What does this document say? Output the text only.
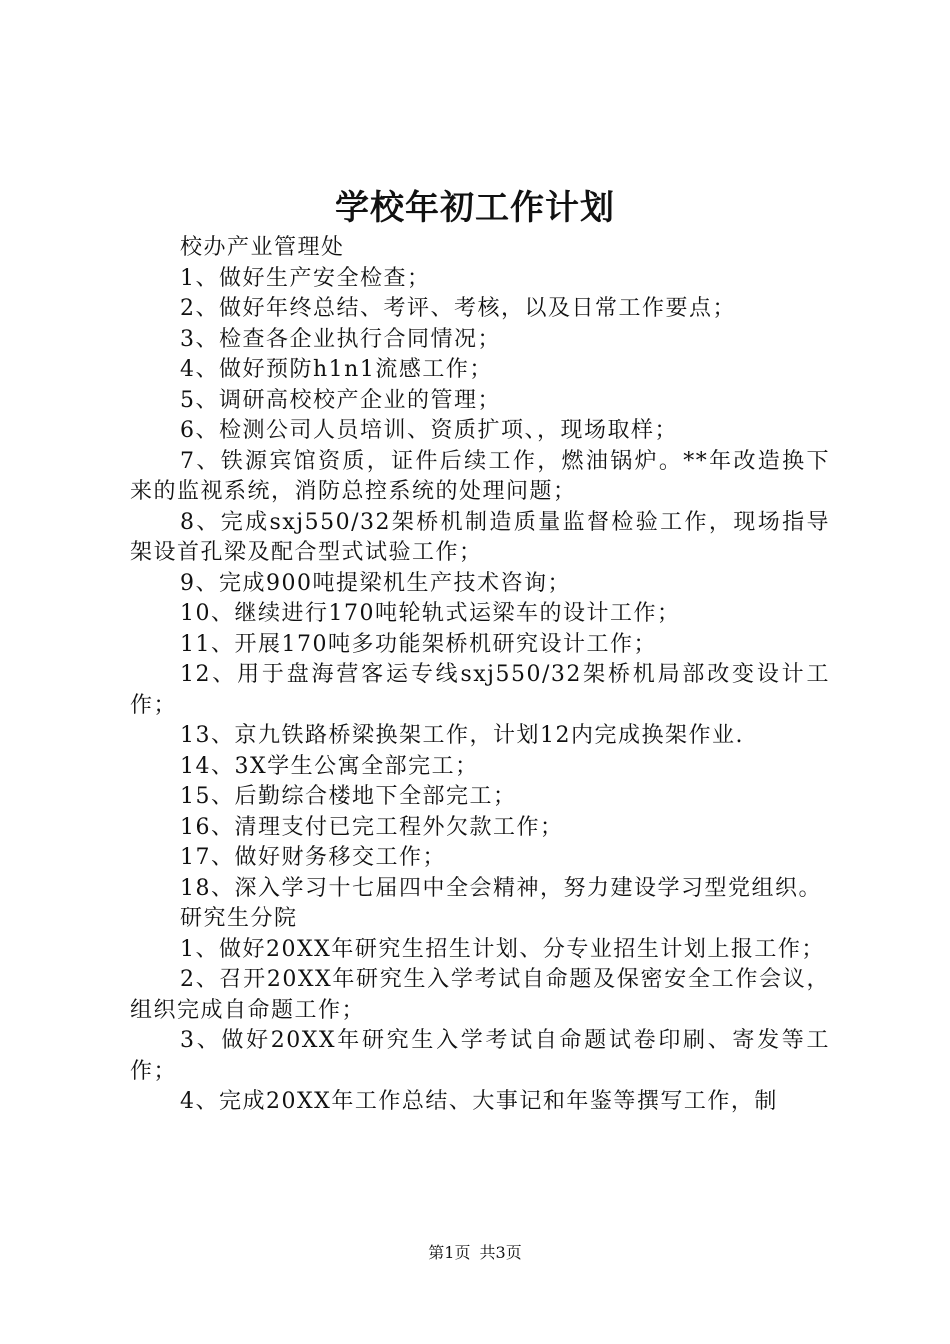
学校年初工作计划

校办产业管理处

1、做好生产安全检查；

2、做好年终总结、考评、考核，以及日常工作要点；

3、检查各企业执行合同情况；

4、做好预防h1n1流感工作；

5、调研高校校产企业的管理；

6、检测公司人员培训、资质扩项、，现场取样；

7、铁源宾馆资质，证件后续工作，燃油锅炉。**年改造换下来的监视系统，消防总控系统的处理问题；

8、完成sxj550/32架桥机制造质量监督检验工作，现场指导架设首孔梁及配合型式试验工作；

9、完成900吨提梁机生产技术咨询；

10、继续进行170吨轮轨式运梁车的设计工作；

11、开展170吨多功能架桥机研究设计工作；

12、用于盘海营客运专线sxj550/32架桥机局部改变设计工作；

13、京九铁路桥梁换架工作，计划12内完成换架作业.

14、3X学生公寓全部完工；

15、后勤综合楼地下全部完工；

16、清理支付已完工程外欠款工作；

17、做好财务移交工作；

18、深入学习十七届四中全会精神，努力建设学习型党组织。

研究生分院

1、做好20XX年研究生招生计划、分专业招生计划上报工作；

2、召开20XX年研究生入学考试自命题及保密安全工作会议，组织完成自命题工作；

3、做好20XX年研究生入学考试自命题试卷印刷、寄发等工作；

4、完成20XX年工作总结、大事记和年鉴等撰写工作，制

第1页 共3页
